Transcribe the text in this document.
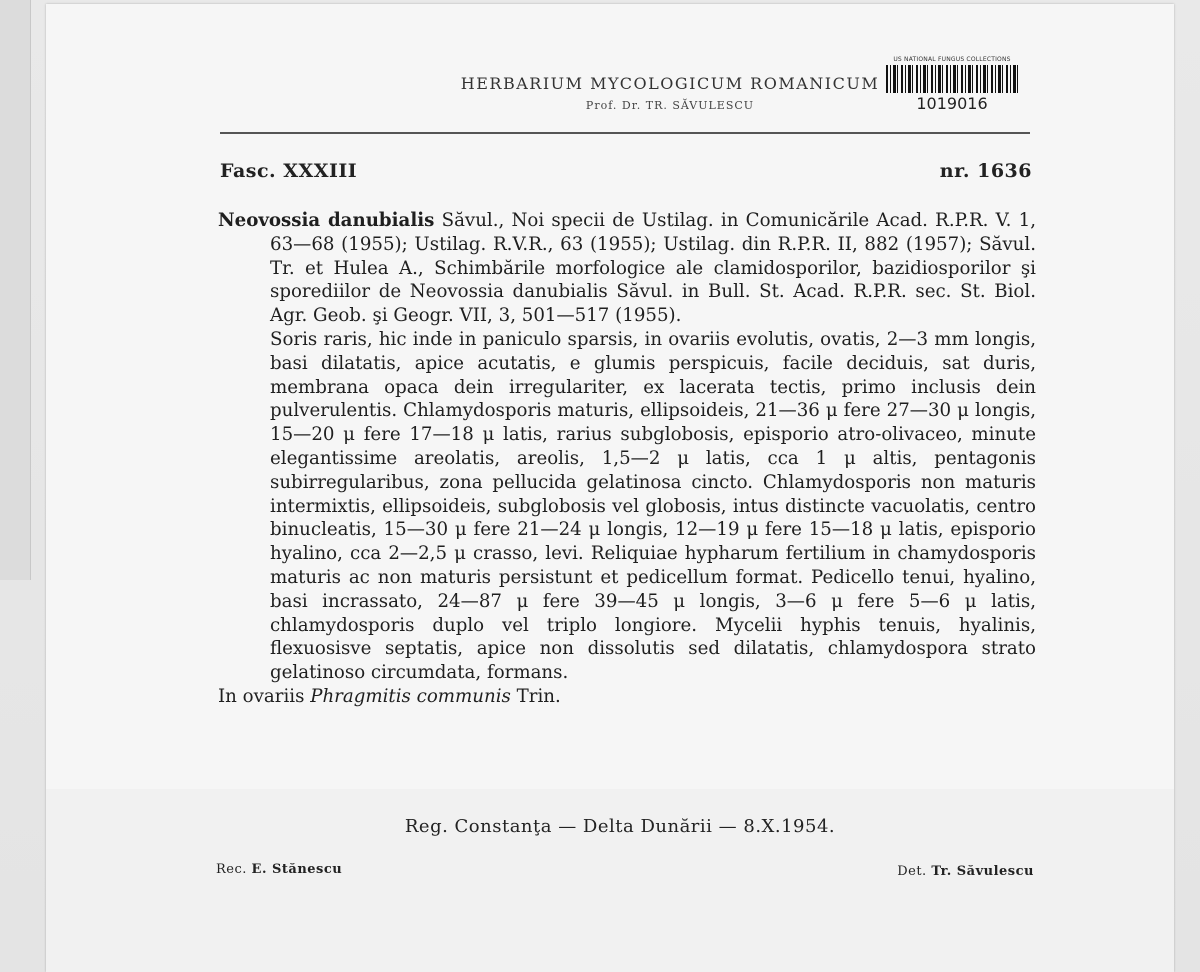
HERBARIUM MYCOLOGICUM ROMANICUM
Prof. Dr. TR. SĂVULESCU
US NATIONAL FUNGUS COLLECTIONS
1019016
Fasc. XXXIII	nr. 1636

Neovossia danubialis Săvul., Noi specii de Ustilag. in Comunicările Acad. R.P.R. V. 1, 63—68 (1955); Ustilag. R.V.R., 63 (1955); Ustilag. din R.P.R. II, 882 (1957); Săvul. Tr. et Hulea A., Schimbările morfologice ale clamidosporilor, bazidiosporilor şi sporediilor de Neovossia danubialis Săvul. in Bull. St. Acad. R.P.R. sec. St. Biol. Agr. Geob. şi Geogr. VII, 3, 501—517 (1955).

Soris raris, hic inde in paniculo sparsis, in ovariis evolutis, ovatis, 2—3 mm longis, basi dilatatis, apice acutatis, e glumis perspicuis, facile deciduis, sat duris, membrana opaca dein irregulariter, ex lacerata tectis, primo inclusis dein pulverulentis. Chlamydosporis maturis, ellipsoideis, 21—36 μ fere 27—30 μ longis, 15—20 μ fere 17—18 μ latis, rarius subglobosis, episporio atro-olivaceo, minute elegantissime areolatis, areolis, 1,5—2 μ latis, cca 1 μ altis, pentagonis subirregularibus, zona pellucida gelatinosa cincto. Chlamydosporis non maturis intermixtis, ellipsoideis, subglobosis vel globosis, intus distincte vacuolatis, centro binucleatis, 15—30 μ fere 21—24 μ longis, 12—19 μ fere 15—18 μ latis, episporio hyalino, cca 2—2,5 μ crasso, levi. Reliquiae hypharum fertilium in chamydosporis maturis ac non maturis persistunt et pedicellum format. Pedicello tenui, hyalino, basi incrassato, 24—87 μ fere 39—45 μ longis, 3—6 μ fere 5—6 μ latis, chlamydosporis duplo vel triplo longiore. Mycelii hyphis tenuis, hyalinis, flexuosisve septatis, apice non dissolutis sed dilatatis, chlamydospora strato gelatinoso circumdata, formans.

In ovariis Phragmitis communis Trin.

Reg. Constanţa — Delta Dunării — 8.X.1954.
Rec. E. Stănescu	Det. Tr. Săvulescu
